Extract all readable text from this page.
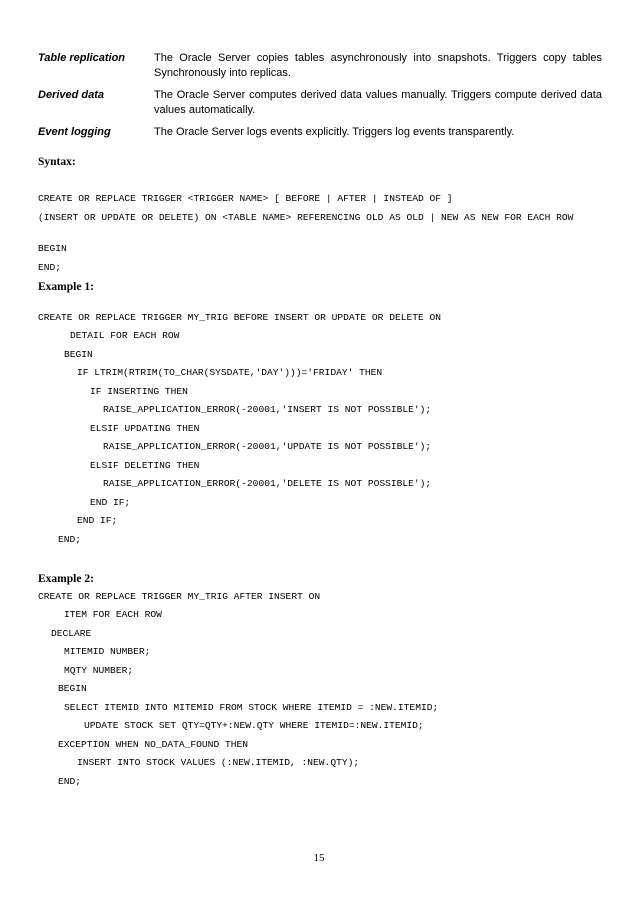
Table replication	The Oracle Server copies tables asynchronously into snapshots. Triggers copy tables Synchronously into replicas.
Derived data	The Oracle Server computes derived data values manually. Triggers compute derived data values automatically.
Event logging	The Oracle Server logs events explicitly. Triggers log events transparently.
Syntax:
CREATE OR REPLACE TRIGGER <TRIGGER NAME> [ BEFORE | AFTER | INSTEAD OF ]
(INSERT OR UPDATE OR DELETE) ON <TABLE NAME> REFERENCING OLD AS OLD | NEW AS NEW FOR EACH ROW
BEGIN
END;
Example 1:
CREATE OR REPLACE TRIGGER MY_TRIG BEFORE INSERT OR UPDATE OR DELETE ON
DETAIL FOR EACH ROW
BEGIN
IF LTRIM(RTRIM(TO_CHAR(SYSDATE,'DAY')))='FRIDAY' THEN
IF INSERTING THEN
RAISE_APPLICATION_ERROR(-20001,'INSERT IS NOT POSSIBLE');
ELSIF UPDATING THEN
RAISE_APPLICATION_ERROR(-20001,'UPDATE IS NOT POSSIBLE');
ELSIF DELETING THEN
RAISE_APPLICATION_ERROR(-20001,'DELETE IS NOT POSSIBLE');
END IF;
END IF;
END;
Example 2:
CREATE OR REPLACE TRIGGER MY_TRIG AFTER INSERT ON
ITEM FOR EACH ROW
DECLARE
MITEMID NUMBER;
MQTY NUMBER;
BEGIN
SELECT ITEMID INTO MITEMID FROM STOCK WHERE ITEMID = :NEW.ITEMID;
UPDATE STOCK SET QTY=QTY+:NEW.QTY WHERE ITEMID=:NEW.ITEMID;
EXCEPTION WHEN NO_DATA_FOUND THEN
INSERT INTO STOCK VALUES (:NEW.ITEMID, :NEW.QTY);
END;
15
